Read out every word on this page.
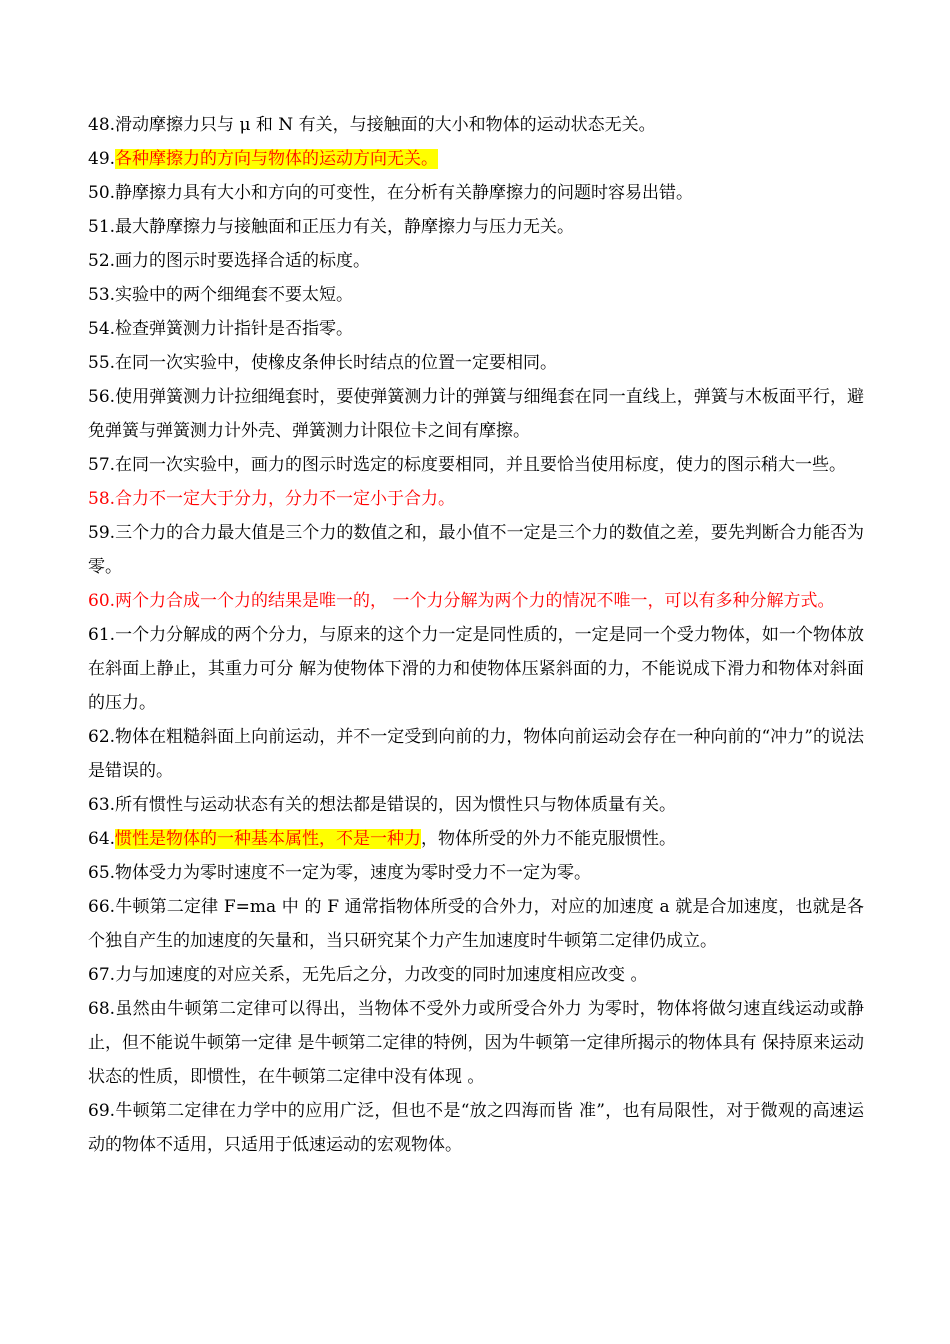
48.滑动摩擦力只与 μ 和 N 有关，与接触面的大小和物体的运动状态无关。

49.各种摩擦力的方向与物体的运动方向无关。

50.静摩擦力具有大小和方向的可变性，在分析有关静摩擦力的问题时容易出错。

51.最大静摩擦力与接触面和正压力有关，静摩擦力与压力无关。

52.画力的图示时要选择合适的标度。

53.实验中的两个细绳套不要太短。

54.检查弹簧测力计指针是否指零。

55.在同一次实验中，使橡皮条伸长时结点的位置一定要相同。

56.使用弹簧测力计拉细绳套时，要使弹簧测力计的弹簧与细绳套在同一直线上，弹簧与木板面平行，避免弹簧与弹簧测力计外壳、弹簧测力计限位卡之间有摩擦。

57.在同一次实验中，画力的图示时选定的标度要相同，并且要恰当使用标度，使力的图示稍大一些。

58.合力不一定大于分力，分力不一定小于合力。

59.三个力的合力最大值是三个力的数值之和，最小值不一定是三个力的数值之差，要先判断合力能否为零。

60.两个力合成一个力的结果是唯一的， 一个力分解为两个力的情况不唯一，可以有多种分解方式。

61.一个力分解成的两个分力，与原来的这个力一定是同性质的，一定是同一个受力物体，如一个物体放在斜面上静止，其重力可分 解为使物体下滑的力和使物体压紧斜面的力，不能说成下滑力和物体对斜面的压力。

62.物体在粗糙斜面上向前运动，并不一定受到向前的力，物体向前运动会存在一种向前的“冲力”的说法是错误的。

63.所有惯性与运动状态有关的想法都是错误的，因为惯性只与物体质量有关。

64.惯性是物体的一种基本属性，不是一种力，物体所受的外力不能克服惯性。

65.物体受力为零时速度不一定为零，速度为零时受力不一定为零。

66.牛顿第二定律 F=ma 中 的 F 通常指物体所受的合外力，对应的加速度 a 就是合加速度，也就是各个独自产生的加速度的矢量和，当只研究某个力产生加速度时牛顿第二定律仍成立。

67.力与加速度的对应关系，无先后之分，力改变的同时加速度相应改变 。

68.虽然由牛顿第二定律可以得出，当物体不受外力或所受合外力 为零时，物体将做匀速直线运动或静止，但不能说牛顿第一定律 是牛顿第二定律的特例，因为牛顿第一定律所揭示的物体具有 保持原来运动状态的性质，即惯性，在牛顿第二定律中没有体现 。

69.牛顿第二定律在力学中的应用广泛，但也不是“放之四海而皆 准”，也有局限性，对于微观的高速运动的物体不适用，只适用于低速运动的宏观物体。
